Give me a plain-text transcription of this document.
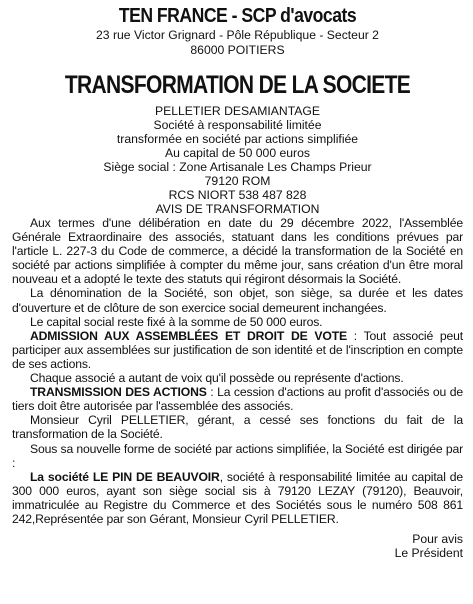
TEN FRANCE - SCP d'avocats

23 rue Victor Grignard - Pôle République - Secteur 2

86000 POITIERS

TRANSFORMATION DE LA SOCIETE

PELLETIER DESAMIANTAGE

Société à responsabilité limitée

transformée en société par actions simplifiée

Au capital de 50 000 euros

Siège social : Zone Artisanale Les Champs Prieur

79120 ROM

RCS NIORT 538 487 828

AVIS DE TRANSFORMATION

Aux termes d'une délibération en date du 29 décembre 2022, l'Assemblée Générale Extraordinaire des associés, statuant dans les conditions prévues par l'article L. 227-3 du Code de commerce, a décidé la transformation de la Société en société par actions simplifiée à compter du même jour, sans création d'un être moral nouveau et a adopté le texte des statuts qui régiront désormais la Société.

La dénomination de la Société, son objet, son siège, sa durée et les dates d'ouverture et de clôture de son exercice social demeurent inchangées.

Le capital social reste fixé à la somme de 50 000 euros.

ADMISSION AUX ASSEMBLÉES ET DROIT DE VOTE : Tout associé peut participer aux assemblées sur justification de son identité et de l'inscription en compte de ses actions.

Chaque associé a autant de voix qu'il possède ou représente d'actions.

TRANSMISSION DES ACTIONS : La cession d'actions au profit d'associés ou de tiers doit être autorisée par l'assemblée des associés.

Monsieur Cyril PELLETIER, gérant, a cessé ses fonctions du fait de la transformation de la Société.

Sous sa nouvelle forme de société par actions simplifiée, la Société est dirigée par :

La société LE PIN DE BEAUVOIR, société à responsabilité limitée au capital de 300 000 euros, ayant son siège social sis à 79120 LEZAY (79120), Beauvoir, immatriculée au Registre du Commerce et des Sociétés sous le numéro 508 861 242,Représentée par son Gérant, Monsieur Cyril PELLETIER.

Pour avis
Le Président
